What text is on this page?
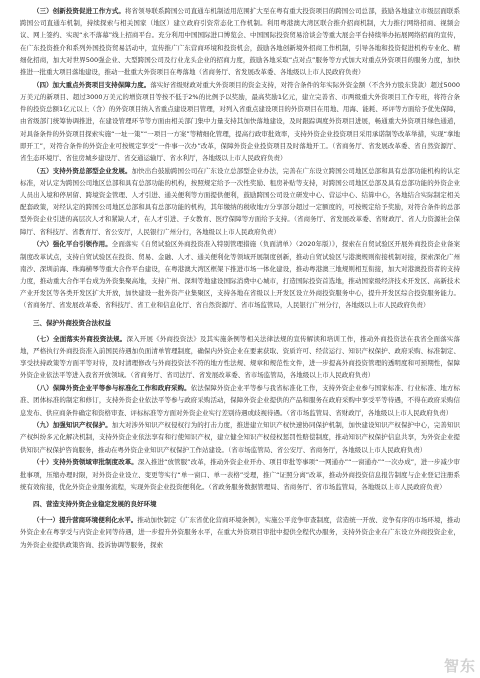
（三）创新投资促进工作方式。将省领导联系跨国公司直通车机制适用范围扩大至在粤有重大投资项目的跨国公司总部，鼓励各地建立市级层面联系跨国公司直通车机制，持续探索与相关国家（地区）建立政府引资常态化工作机制。利用粤港澳大湾区联合推介招商机制，大力推行网络招商、视频会议、网上签约、实现“永不落幕”线上招商平台。充分利用中国国际进口博览会、中国国际投资贸易洽谈会等重大展会平台持续举办拓展网络招商的宣传，在广东投资推介和系列外国投资贸易活动中，宣传推广广东营商环境和投资机会，鼓励各地创新境外招商工作机制，引导各地和投资促进机构专业化、精细化招商，加大对世界500强企业、大型跨国公司及行业龙头企业的招商力度，鼓励各地采取“点对点”服务等方式加大对重点外资项目的服务力度，加快推进一批重大项目落地建设，推动一批重大外资项目在粤落地（省商务厅、省发展改革委、各地级以上市人民政府负责）

（四）加大重点外资项目支持保障力度。落实好省级财政对重大外资项目的资金支持，对符合条件的年实际外资金额（不含外方股东贷款）超过5000万美元的新项目、超过3000万美元的增资项目等按不低于2%的比例予以奖励，最高奖励1亿元，建立完善省、市两级重大外资项目工作专班，将符合条件的投资总额1亿元以上（含）的外资项目纳入省重点建设项目管理，对列入省重点建设项目的外资项目在用地、用海、能耗、环评等方面给予优先保障，由省级部门统筹协调推进，在建设管理环节等方面由相关部门集中力量支持其加快落地建设，及时跟踪调度外资项目进展，畅通重大外资项目绿色通道，对具备条件的外资项目探索实施“一址一策”“一项目一方案”等精细化管理，提高行政审批效率，支持外资企业投资项目采用承诺制等改革举措，实现“拿地即开工”，对符合条件的外资企业可按规定享受“一件事一次办”改革，保障外资企业投资项目及时落地开工。（省商务厅、省发展改革委、省自然资源厅、省生态环境厅、省住房城乡建设厅、省交通运输厅、省水利厅，各地级以上市人民政府负责）

（五）支持外资总部型企业发展。加快出台鼓励跨国公司在广东设立总部型企业办法，完善在广东设立跨国公司地区总部和具有总部功能机构的认定标准，对认定为跨国公司地区总部和具有总部功能的机构，按照规定给予一次性奖励、租房补贴等支持，对跨国公司地区总部及具有总部功能的外资企业人员出入境和停居留、跨境资金管理、人才引进、通关便利等方面提供便利，鼓励跨国公司设立研发中心、营运中心、结算中心，各地结合实际制定相关配套政策，对经认定的跨国公司地区总部和具有总部功能的机构，其年缴纳的税收地方分享部分超过一定额度的，可按规定给予奖励，对符合条件的总部型外资企业引进的高层次人才和紧缺人才，在人才引进、子女教育、医疗保障等方面给予支持。（省商务厅、省发展改革委、省财政厅、省人力资源社会保障厅、省科技厅、省教育厅、省公安厅，人民银行广州分行，各地级以上市人民政府负责）

（六）强化平台引领作用。全面落实《自贸试验区外商投资准入特别管理措施（负面清单）（2020年版）》，探索在自贸试验区开展外商投资企业备案制度改革试点，支持自贸试验区在投资、贸易、金融、人才、通关便利化等领域开展制度创新，推动自贸试验区与港澳规则衔接机制对接，探索深化广州南沙、深圳前海、珠海横琴等重大合作平台建设，在粤港澳大湾区框架下推进市场一体化建设，推动粤港澳三地规则相互衔接，加大对港澳投资者的支持力度，推动重大合作平台成为外资集聚高地，支持广州、深圳等地建设国际消费中心城市，打造国际投资首选地，推动国家级经济技术开发区、高新技术产业开发区等各类开发区扩大开放，加快建设一批外资产业集聚区，支持各地在省级以上开发区设立外商投资服务中心，提升开发区综合投资服务能力。（省商务厅、省发展改革委、省科技厅、省工业和信息化厅、省自然资源厅、省市场监管局，人民银行广州分行，各地级以上市人民政府负责）

三、保护外商投资合法权益

（七）全面落实外商投资法规。深入开展《外商投资法》及其实施条例等相关法律法规的宣传解读和培训工作，推动外商投资法在我省全面落实落地，严格执行外商投资准入前国民待遇加负面清单管理制度，确保内外资企业在要素获取、资质许可、经营运行、知识产权保护、政府采购、标准制定、享受扶持政策等方面平等对待，及时清理修改与外商投资法不符的地方性法规、规章和规范性文件，进一步提高外商投资管理的透明度和可预期性，保障外资企业依法平等进入我省开放领域。（省商务厅、省司法厅、省发展改革委、省市场监管局，各地级以上市人民政府负责）

（八）保障外资企业平等参与标准化工作和政府采购。依法保障外资企业平等参与我省标准化工作，支持外资企业参与国家标准、行业标准、地方标准、团体标准的制定和修订，支持外资企业依法平等参与政府采购活动，保障外资企业提供的产品和服务在政府采购中享受平等待遇，不得在政府采购信息发布、供应商条件确定和资格审查、评标标准等方面对外资企业实行差别待遇或歧视待遇。（省市场监管局、省财政厅，各地级以上市人民政府负责）

（九）加强知识产权保护。加大对涉外知识产权侵权行为的打击力度，推进建立知识产权快速协同保护机制，加快建设知识产权保护中心，完善知识产权纠纷多元化解决机制，支持外资企业依法享有和行使知识产权，建立健全知识产权侵权惩罚性赔偿制度，推动知识产权保护信息共享，为外资企业提供知识产权保护咨询服务，推动在粤外资企业知识产权保护工作站建设。（省市场监管局、省公安厅、省商务厅，各地级以上市人民政府负责）

（十）支持外资领域审批制度改革。深入推进“放管服”改革，推动外资企业开办、项目审批等事项“一网通办”“一窗通办”“一次办成”，进一步减少审批事项，压缩办理时限，对外资企业设立、变更等实行“单一窗口、单一表格”受理，推广“证照分离”改革，推动外商投资信息报告制度与企业登记注册系统有效衔接，优化外资企业服务流程，实现外资企业投资便利化。（省政务服务数据管理局、省商务厅、省市场监管局，各地级以上市人民政府负责）

四、营造支持外资企业稳定发展的良好环境

（十一）提升营商环境便利化水平。推动加快制定《广东省优化营商环境条例》，实施公平竞争审查制度，营造统一开放、竞争有序的市场环境，推动外资企业在粤享受与内资企业同等待遇，进一步提升外资服务水平，在重大外资项目审批中提供全程代办服务，支持外资企业在广东设立外商投资企业，为外资企业提供政策咨询、投诉协调等服务，探索

智东
